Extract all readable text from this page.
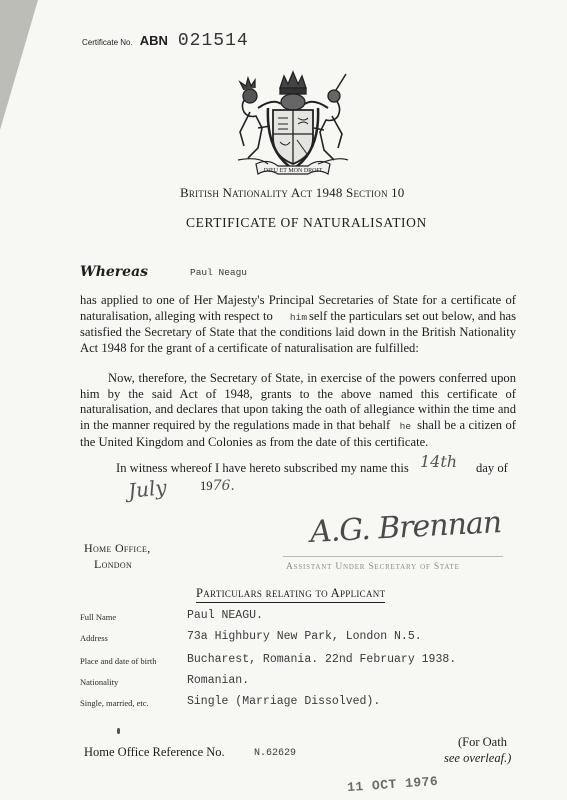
Certificate No. ABN 021514
DIEU ET MON DROIT
British Nationality Act 1948 Section 10
CERTIFICATE OF NATURALISATION
Whereas	Paul Neagu
has applied to one of Her Majesty's Principal Secretaries of State for a certificate of naturalisation, alleging with respect to him self the particulars set out below, and has satisfied the Secretary of State that the conditions laid down in the British Nationality Act 1948 for the grant of a certificate of naturalisation are fulfilled:
Now, therefore, the Secretary of State, in exercise of the powers conferred upon him by the said Act of 1948, grants to the above named this certificate of naturalisation, and declares that upon taking the oath of allegiance within the time and in the manner required by the regulations made in that behalf he shall be a citizen of the United Kingdom and Colonies as from the date of this certificate.
In witness whereof I have hereto subscribed my name this 14th day of
July	1976.
Home Office,
London
A.G. Brennan
Assistant Under Secretary of State
Particulars relating to Applicant
Full Name	Paul NEAGU.
Address	73a Highbury New Park, London N.5.
Place and date of birth	Bucharest, Romania. 22nd February 1938.
Nationality	Romanian.
Single, married, etc.	Single (Marriage Dissolved).
Home Office Reference No.	N.62629
(For Oath
see overleaf.)
11 OCT 1976
